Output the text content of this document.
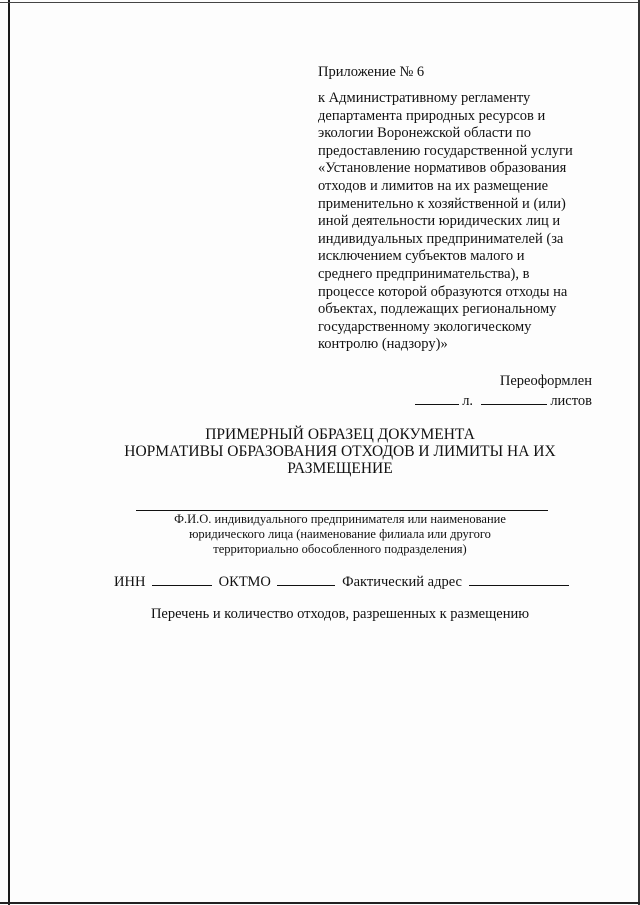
Приложение № 6
к Административному регламенту
департамента природных ресурсов и
экологии Воронежской области по
предоставлению государственной услуги
«Установление нормативов образования
отходов и лимитов на их размещение
применительно к хозяйственной и (или)
иной деятельности юридических лиц и
индивидуальных предпринимателей (за
исключением субъектов малого и
среднего предпринимательства), в
процессе которой образуются отходы на
объектах, подлежащих региональному
государственному экологическому
контролю (надзору)»
Переоформлен
л.	листов
ПРИМЕРНЫЙ ОБРАЗЕЦ ДОКУМЕНТА
НОРМАТИВЫ ОБРАЗОВАНИЯ ОТХОДОВ И ЛИМИТЫ НА ИХ
РАЗМЕЩЕНИЕ
Ф.И.О. индивидуального предпринимателя или наименование
юридического лица (наименование филиала или другого
территориально обособленного подразделения)
ИНН	ОКТМО	Фактический адрес
Перечень и количество отходов, разрешенных к размещению
